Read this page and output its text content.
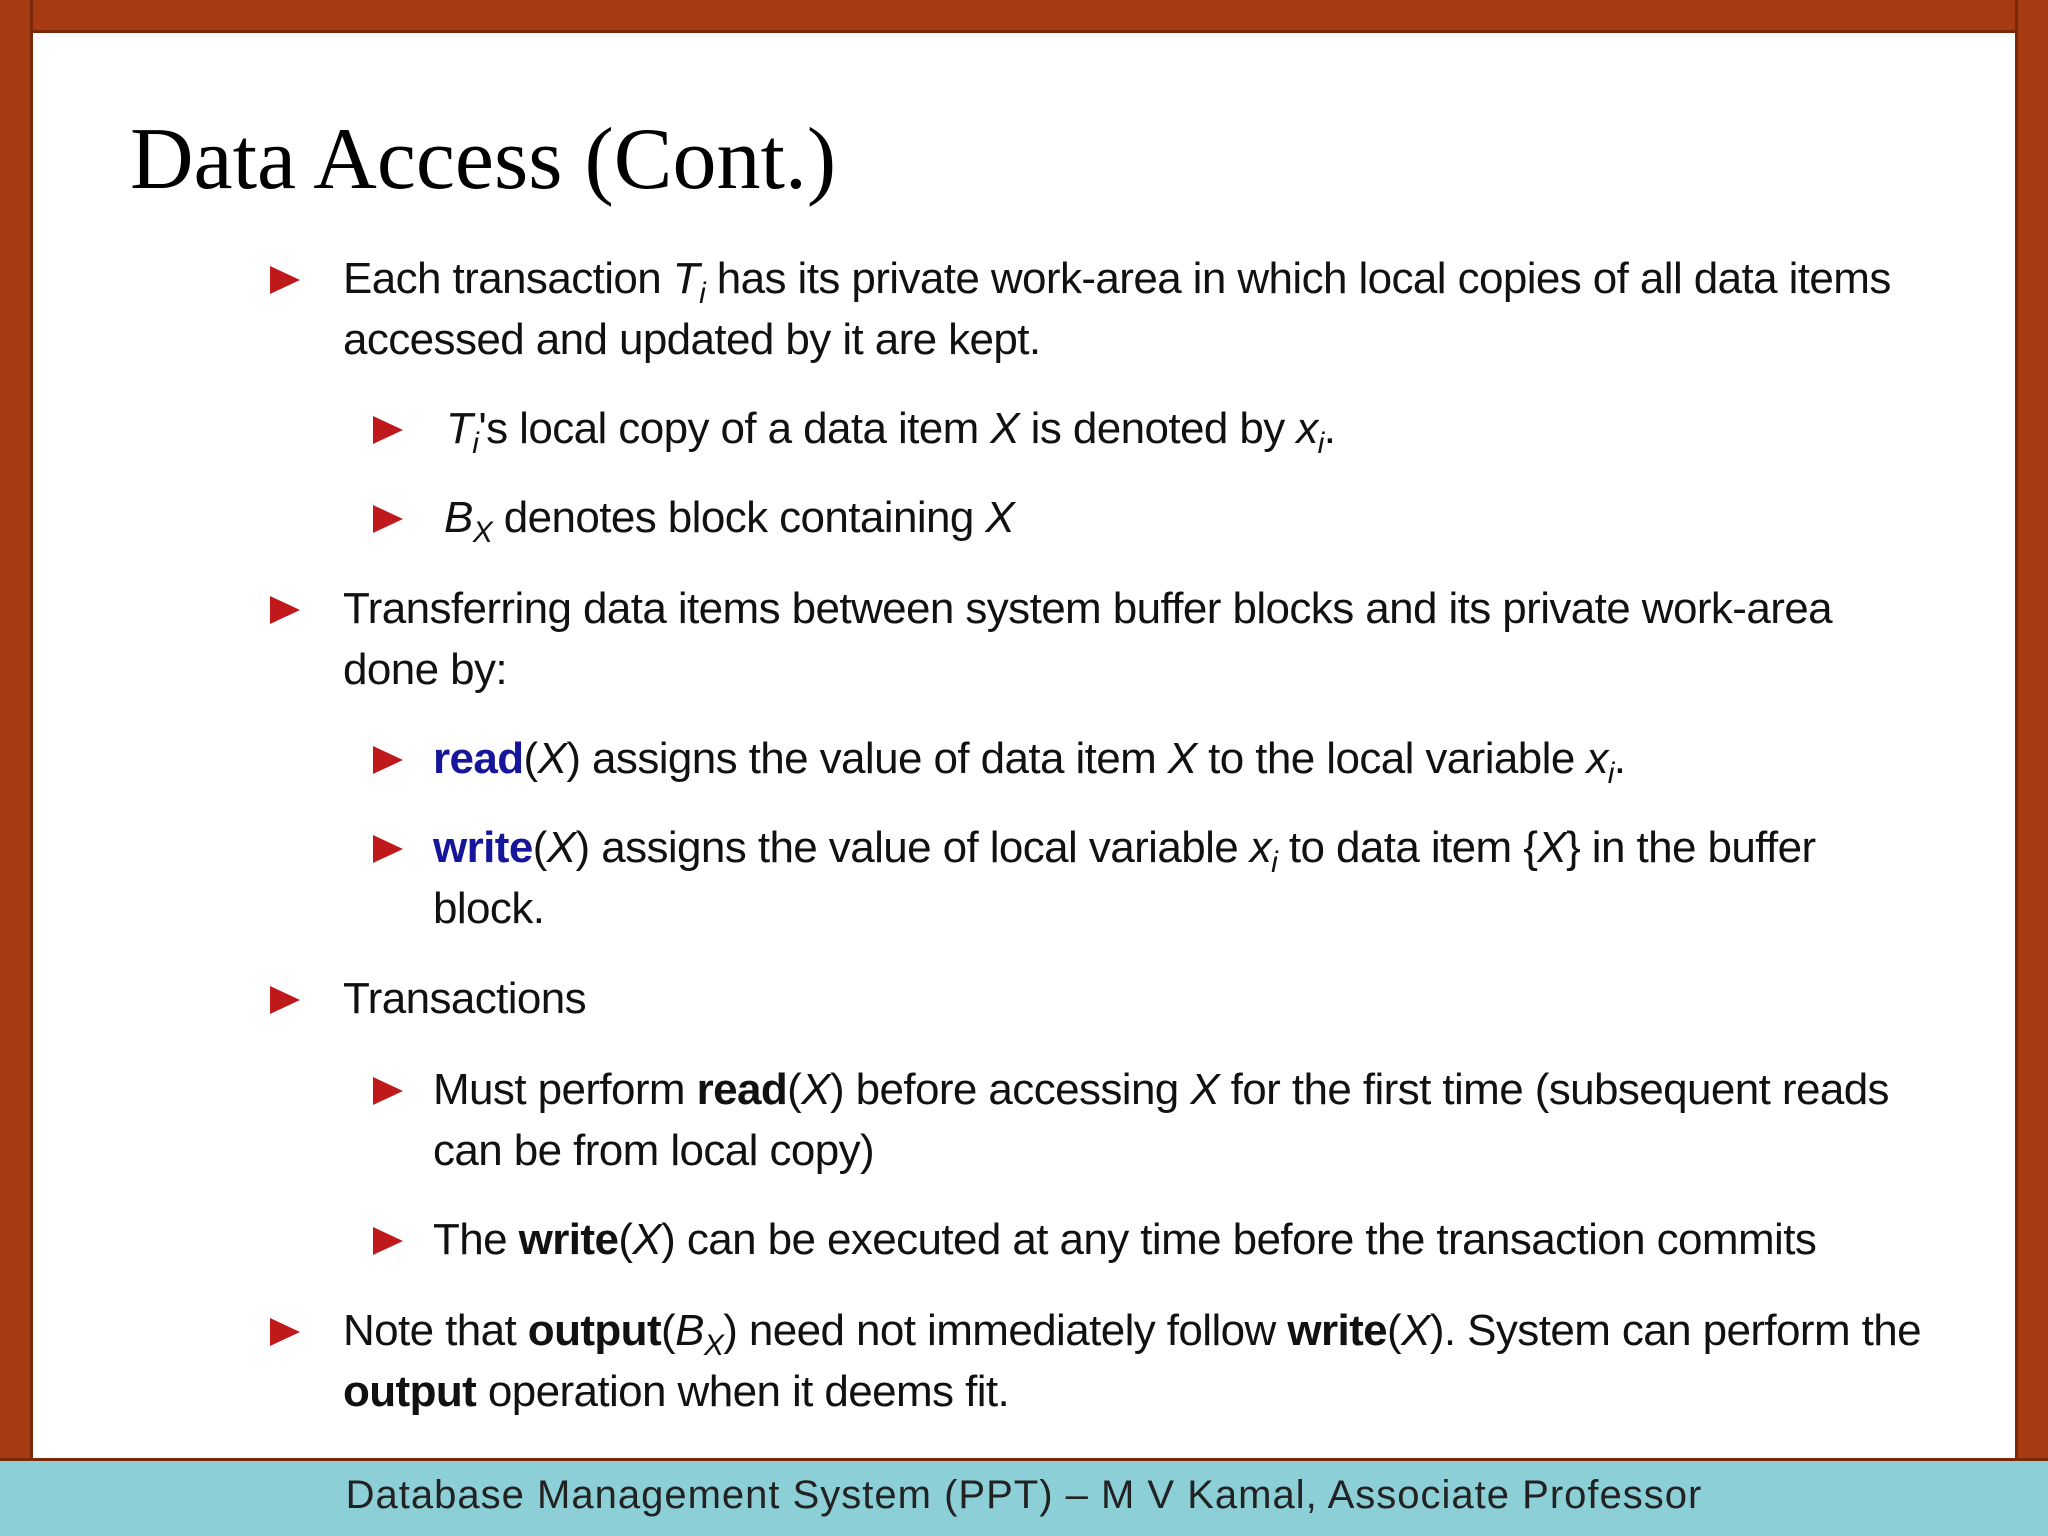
Data Access (Cont.)
Each transaction $T_i$ has its private work-area in which local copies of all data items accessed and updated by it are kept.
$T_i's$ local copy of a data item X is denoted by $x_i$.
$B_X$ denotes block containing X
Transferring data items between system buffer blocks and its private work-area done by:
read(X) assigns the value of data item X to the local variable $x_i$.
write(X) assigns the value of local variable $x_i$ to data item {X} in the buffer block.
Transactions
Must perform read(X) before accessing X for the first time (subsequent reads can be from local copy)
The write(X) can be executed at any time before the transaction commits
Note that $output(B_X)$ need not immediately follow write(X). System can perform the output operation when it deems fit.
Database Management System (PPT) – M V Kamal, Associate Professor
